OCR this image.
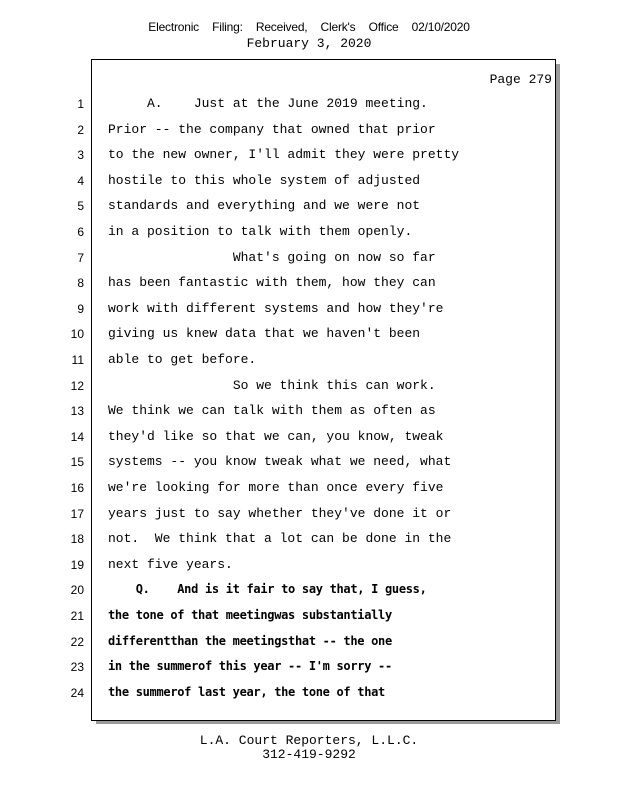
Electronic Filing: Received, Clerk's Office 02/10/2020
February 3, 2020
Page 279
1 A.    Just at the June 2019 meeting.
2 Prior -- the company that owned that prior
3 to the new owner, I'll admit they were pretty
4 hostile to this whole system of adjusted
5 standards and everything and we were not
6 in a position to talk with them openly.
7 What's going on now so far
8 has been fantastic with them, how they can
9 work with different systems and how they're
10 giving us knew data that we haven't been
11 able to get before.
12 So we think this can work.
13 We think we can talk with them as often as
14 they'd like so that we can, you know, tweak
15 systems -- you know tweak what we need, what
16 we're looking for more than once every five
17 years just to say whether they've done it or
18 not.  We think that a lot can be done in the
19 next five years.
20 Q.    And is it fair to say that, I guess,
21 the tone of that meetingwas substantially
22 differentthan the meetingsthat -- the one
23 in the summerof this year -- I'm sorry --
24 the summerof last year, the tone of that
L.A. Court Reporters, L.L.C.
312-419-9292
